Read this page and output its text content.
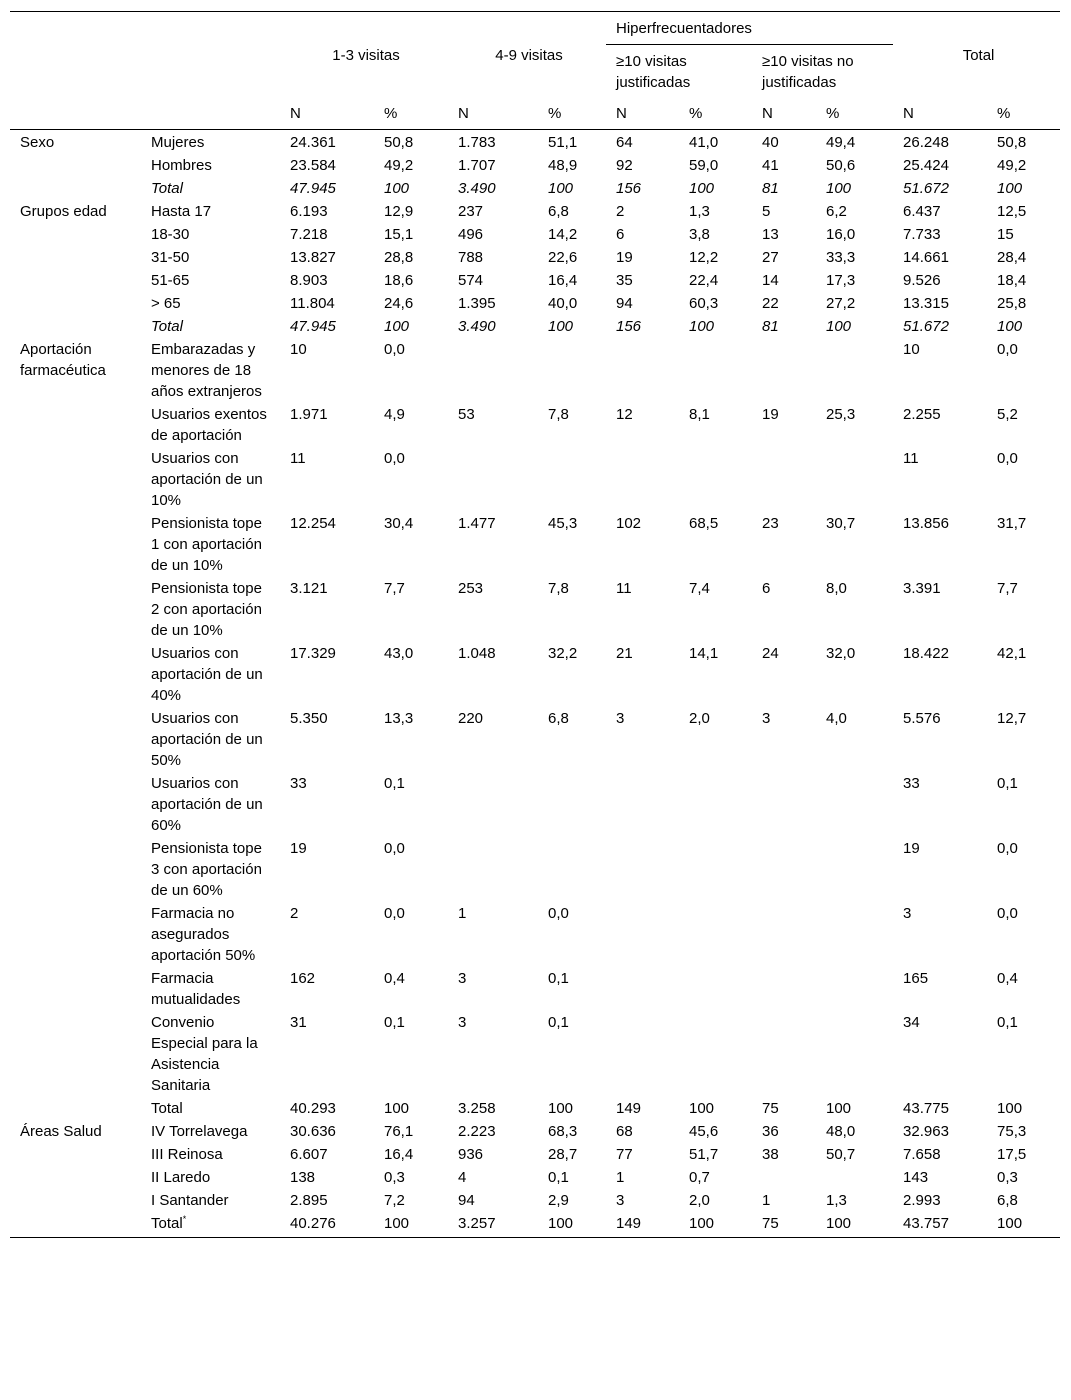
		1-3 visitas		4-9 visitas		Hiperfrecuentadores				Total	
						≥10 visitas justificadas		≥10 visitas no justificadas			
		N	%	N	%	N	%	N	%	N	%
Sexo	Mujeres	24.361	50,8	1.783	51,1	64	41,0	40	49,4	26.248	50,8
	Hombres	23.584	49,2	1.707	48,9	92	59,0	41	50,6	25.424	49,2
	Total	47.945	100	3.490	100	156	100	81	100	51.672	100
Grupos edad	Hasta 17	6.193	12,9	237	6,8	2	1,3	5	6,2	6.437	12,5
	18-30	7.218	15,1	496	14,2	6	3,8	13	16,0	7.733	15
	31-50	13.827	28,8	788	22,6	19	12,2	27	33,3	14.661	28,4
	51-65	8.903	18,6	574	16,4	35	22,4	14	17,3	9.526	18,4
	> 65	11.804	24,6	1.395	40,0	94	60,3	22	27,2	13.315	25,8
	Total	47.945	100	3.490	100	156	100	81	100	51.672	100
Aportación farmacéutica	Embarazadas y menores de 18 años extranjeros	10	0,0							10	0,0
	Usuarios exentos de aportación	1.971	4,9	53	7,8	12	8,1	19	25,3	2.255	5,2
	Usuarios con aportación de un 10%	11	0,0							11	0,0
	Pensionista tope 1 con aportación de un 10%	12.254	30,4	1.477	45,3	102	68,5	23	30,7	13.856	31,7
	Pensionista tope 2 con aportación de un 10%	3.121	7,7	253	7,8	11	7,4	6	8,0	3.391	7,7
	Usuarios con aportación de un 40%	17.329	43,0	1.048	32,2	21	14,1	24	32,0	18.422	42,1
	Usuarios con aportación de un 50%	5.350	13,3	220	6,8	3	2,0	3	4,0	5.576	12,7
	Usuarios con aportación de un 60%	33	0,1							33	0,1
	Pensionista tope 3 con aportación de un 60%	19	0,0							19	0,0
	Farmacia no asegurados aportación 50%	2	0,0	1	0,0					3	0,0
	Farmacia mutualidades	162	0,4	3	0,1					165	0,4
	Convenio Especial para la Asistencia Sanitaria	31	0,1	3	0,1					34	0,1
	Total	40.293	100	3.258	100	149	100	75	100	43.775	100
Áreas Salud	IV Torrelavega	30.636	76,1	2.223	68,3	68	45,6	36	48,0	32.963	75,3
	III Reinosa	6.607	16,4	936	28,7	77	51,7	38	50,7	7.658	17,5
	II Laredo	138	0,3	4	0,1	1	0,7			143	0,3
	I Santander	2.895	7,2	94	2,9	3	2,0	1	1,3	2.993	6,8
	Total*	40.276	100	3.257	100	149	100	75	100	43.757	100
